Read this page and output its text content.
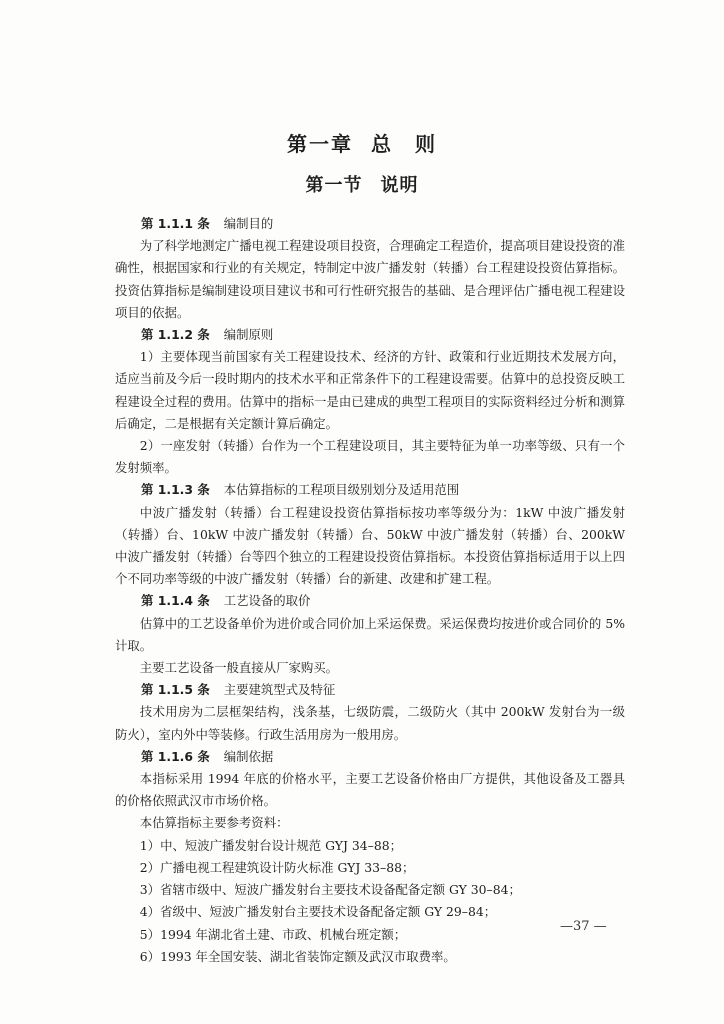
第一章 总　则
第一节 说明

第 1.1.1 条 编制目的

为了科学地测定广播电视工程建设项目投资，合理确定工程造价，提高项目建设投资的准确性，根据国家和行业的有关规定，特制定中波广播发射（转播）台工程建设投资估算指标。投资估算指标是编制建设项目建议书和可行性研究报告的基础、是合理评估广播电视工程建设项目的依据。

第 1.1.2 条 编制原则

1）主要体现当前国家有关工程建设技术、经济的方针、政策和行业近期技术发展方向，适应当前及今后一段时期内的技术水平和正常条件下的工程建设需要。估算中的总投资反映工程建设全过程的费用。估算中的指标一是由已建成的典型工程项目的实际资料经过分析和测算后确定，二是根据有关定额计算后确定。

2）一座发射（转播）台作为一个工程建设项目，其主要特征为单一功率等级、只有一个发射频率。

第 1.1.3 条 本估算指标的工程项目级别划分及适用范围

中波广播发射（转播）台工程建设投资估算指标按功率等级分为：1kW 中波广播发射（转播）台、10kW 中波广播发射（转播）台、50kW 中波广播发射（转播）台、200kW 中波广播发射（转播）台等四个独立的工程建设投资估算指标。本投资估算指标适用于以上四个不同功率等级的中波广播发射（转播）台的新建、改建和扩建工程。

第 1.1.4 条 工艺设备的取价

估算中的工艺设备单价为进价或合同价加上采运保费。采运保费均按进价或合同价的 5%计取。

主要工艺设备一般直接从厂家购买。

第 1.1.5 条 主要建筑型式及特征

技术用房为二层框架结构，浅条基，七级防震，二级防火（其中 200kW 发射台为一级防火），室内外中等装修。行政生活用房为一般用房。

第 1.1.6 条 编制依据

本指标采用 1994 年底的价格水平，主要工艺设备价格由厂方提供，其他设备及工器具的价格依照武汉市市场价格。

本估算指标主要参考资料：

1）中、短波广播发射台设计规范 GYJ 34–88；

2）广播电视工程建筑设计防火标准 GYJ 33–88；

3）省辖市级中、短波广播发射台主要技术设备配备定额 GY 30–84；

4）省级中、短波广播发射台主要技术设备配备定额 GY 29–84；

5）1994 年湖北省土建、市政、机械台班定额；

6）1993 年全国安装、湖北省装饰定额及武汉市取费率。

—37 —
